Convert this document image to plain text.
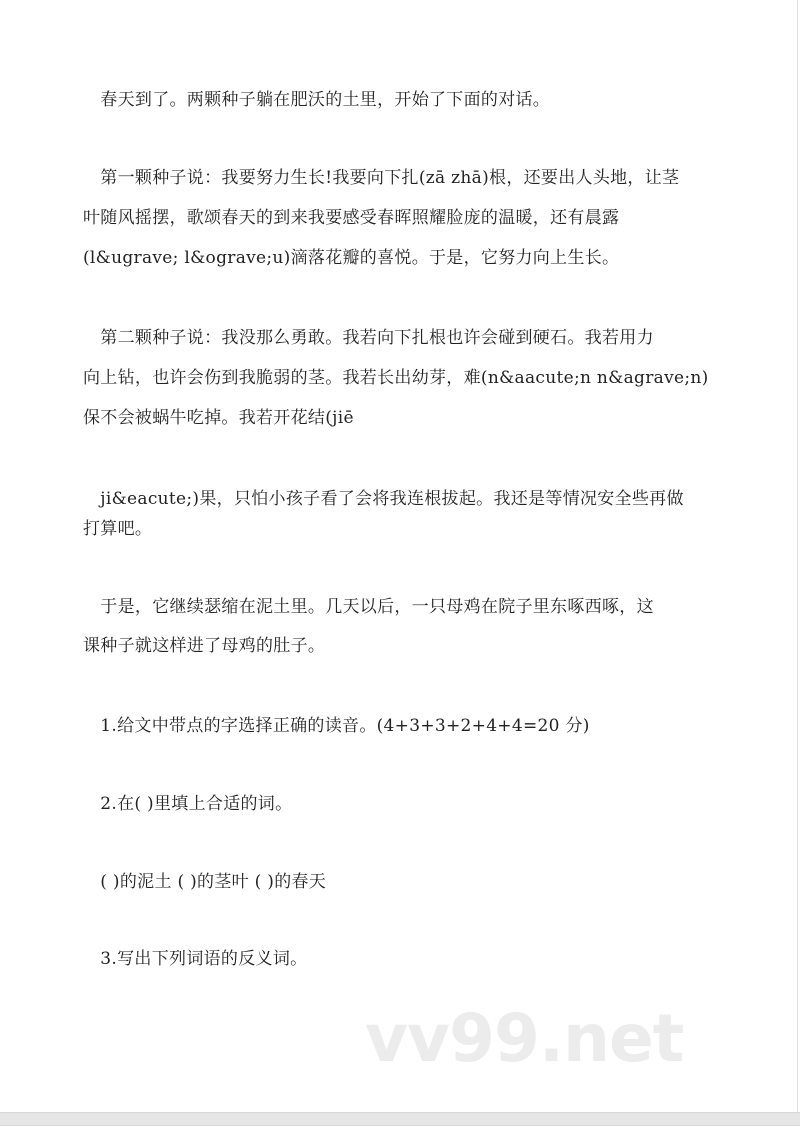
　春天到了。两颗种子躺在肥沃的土里，开始了下面的对话。
　第一颗种子说：我要努力生长!我要向下扎(zā zhā)根，还要出人头地，让茎
叶随风摇摆，歌颂春天的到来我要感受春晖照耀脸庞的温暖，还有晨露
(l&ugrave; l&ograve;u)滴落花瓣的喜悦。于是，它努力向上生长。
　第二颗种子说：我没那么勇敢。我若向下扎根也许会碰到硬石。我若用力
向上钻，也许会伤到我脆弱的茎。我若长出幼芽，难(n&aacute;n n&agrave;n)
保不会被蜗牛吃掉。我若开花结(jiē
　ji&eacute;)果，只怕小孩子看了会将我连根拔起。我还是等情况安全些再做
打算吧。
　于是，它继续瑟缩在泥土里。几天以后，一只母鸡在院子里东啄西啄，这
课种子就这样进了母鸡的肚子。
　1.给文中带点的字选择正确的读音。(4+3+3+2+4+4=20 分)
　2.在( )里填上合适的词。
　( )的泥土 ( )的茎叶 ( )的春天
　3.写出下列词语的反义词。
vv99.net
